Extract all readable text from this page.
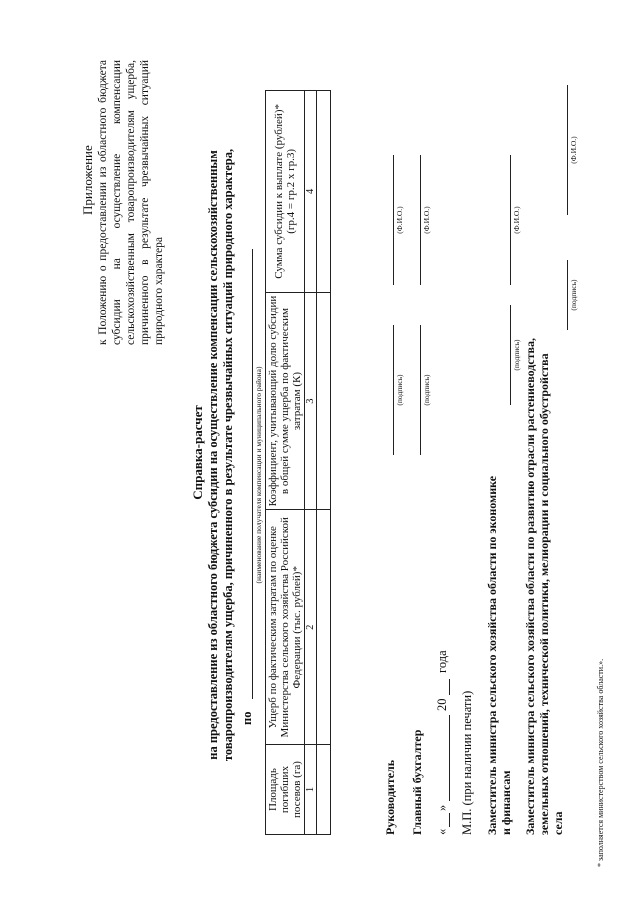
Приложение к Положению о предоставлении из областного бюджета субсидии на осуществление компенсации сельскохозяйственным товаропроизводителям ущерба, причиненного в результате чрезвычайных ситуаций природного характера
Справка-расчет на предоставление из областного бюджета субсидии на осуществление компенсации сельскохозяйственным товаропроизводителям ущерба, причиненного в результате чрезвычайных ситуаций природного характера, по
(наименование получателя компенсации и муниципального района)
Площадь погибших посевов (га)	Ущерб по фактическим затратам по оценке Министерства сельского хозяйства Российской Федерации (тыс. рублей)*	Коэффициент, учитывающий долю субсидии в общей сумме ущерба по фактическим затратам (К)	Сумма субсидии к выплате (рублей)* (гр.4 = гр.2 х гр.3)
1	2	3	4

Руководитель
(подпись)
(Ф.И.О.)
Главный бухгалтер
(подпись)
(Ф.И.О.)
«
»
20
года
М.П. (при наличии печати) Заместитель министра сельского хозяйства области по экономике и финансам
(подпись)
(Ф.И.О.)
Заместитель министра сельского хозяйства области по развитию отрасли растениеводства, земельных отношений, технической политики, мелиорации и социального обустройства села
(подпись)
(Ф.И.О.)
* заполняется министерством сельского хозяйства области.».
